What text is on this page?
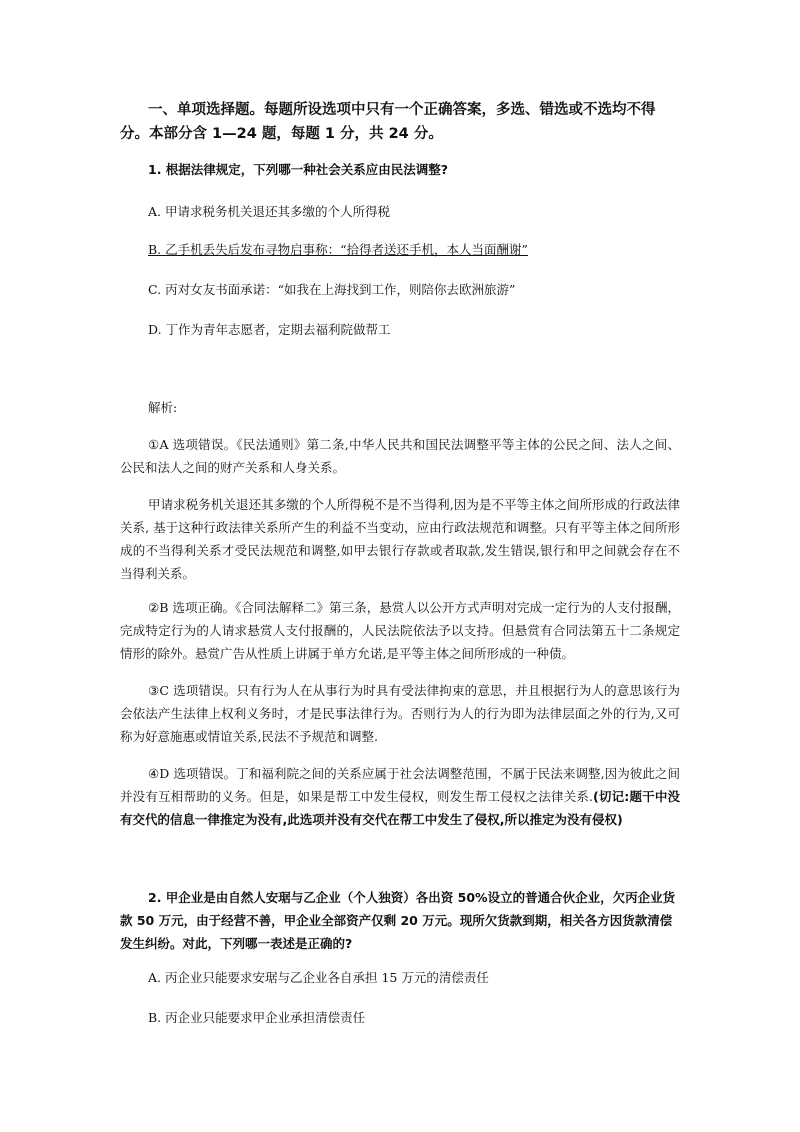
一、单项选择题。每题所设选项中只有一个正确答案，多选、错选或不选均不得分。本部分含 1—24 题，每题 1 分，共 24 分。

1. 根据法律规定，下列哪一种社会关系应由民法调整?

A. 甲请求税务机关退还其多缴的个人所得税

B. 乙手机丢失后发布寻物启事称：“拾得者送还手机，本人当面酬谢”

C. 丙对女友书面承诺：“如我在上海找到工作，则陪你去欧洲旅游”

D. 丁作为青年志愿者，定期去福利院做帮工

解析:

①A 选项错误。《民法通则》第二条,中华人民共和国民法调整平等主体的公民之间、法人之间、公民和法人之间的财产关系和人身关系。

甲请求税务机关退还其多缴的个人所得税不是不当得利,因为是不平等主体之间所形成的行政法律关系, 基于这种行政法律关系所产生的利益不当变动，应由行政法规范和调整。只有平等主体之间所形成的不当得利关系才受民法规范和调整,如甲去银行存款或者取款,发生错误,银行和甲之间就会存在不当得利关系。

②B 选项正确。《合同法解释二》第三条，悬赏人以公开方式声明对完成一定行为的人支付报酬，完成特定行为的人请求悬赏人支付报酬的，人民法院依法予以支持。但悬赏有合同法第五十二条规定情形的除外。悬赏广告从性质上讲属于单方允诺,是平等主体之间所形成的一种债。

③C 选项错误。只有行为人在从事行为时具有受法律拘束的意思，并且根据行为人的意思该行为会依法产生法律上权利义务时，才是民事法律行为。否则行为人的行为即为法律层面之外的行为,又可称为好意施惠或情谊关系,民法不予规范和调整.

④D 选项错误。丁和福利院之间的关系应属于社会法调整范围，不属于民法来调整,因为彼此之间并没有互相帮助的义务。但是，如果是帮工中发生侵权，则发生帮工侵权之法律关系.(切记:题干中没有交代的信息一律推定为没有,此选项并没有交代在帮工中发生了侵权,所以推定为没有侵权)

2. 甲企业是由自然人安琚与乙企业（个人独资）各出资 50%设立的普通合伙企业，欠丙企业货款 50 万元，由于经营不善，甲企业全部资产仅剩 20 万元。现所欠货款到期，相关各方因货款清偿发生纠纷。对此，下列哪一表述是正确的?

A. 丙企业只能要求安琚与乙企业各自承担 15 万元的清偿责任

B. 丙企业只能要求甲企业承担清偿责任
